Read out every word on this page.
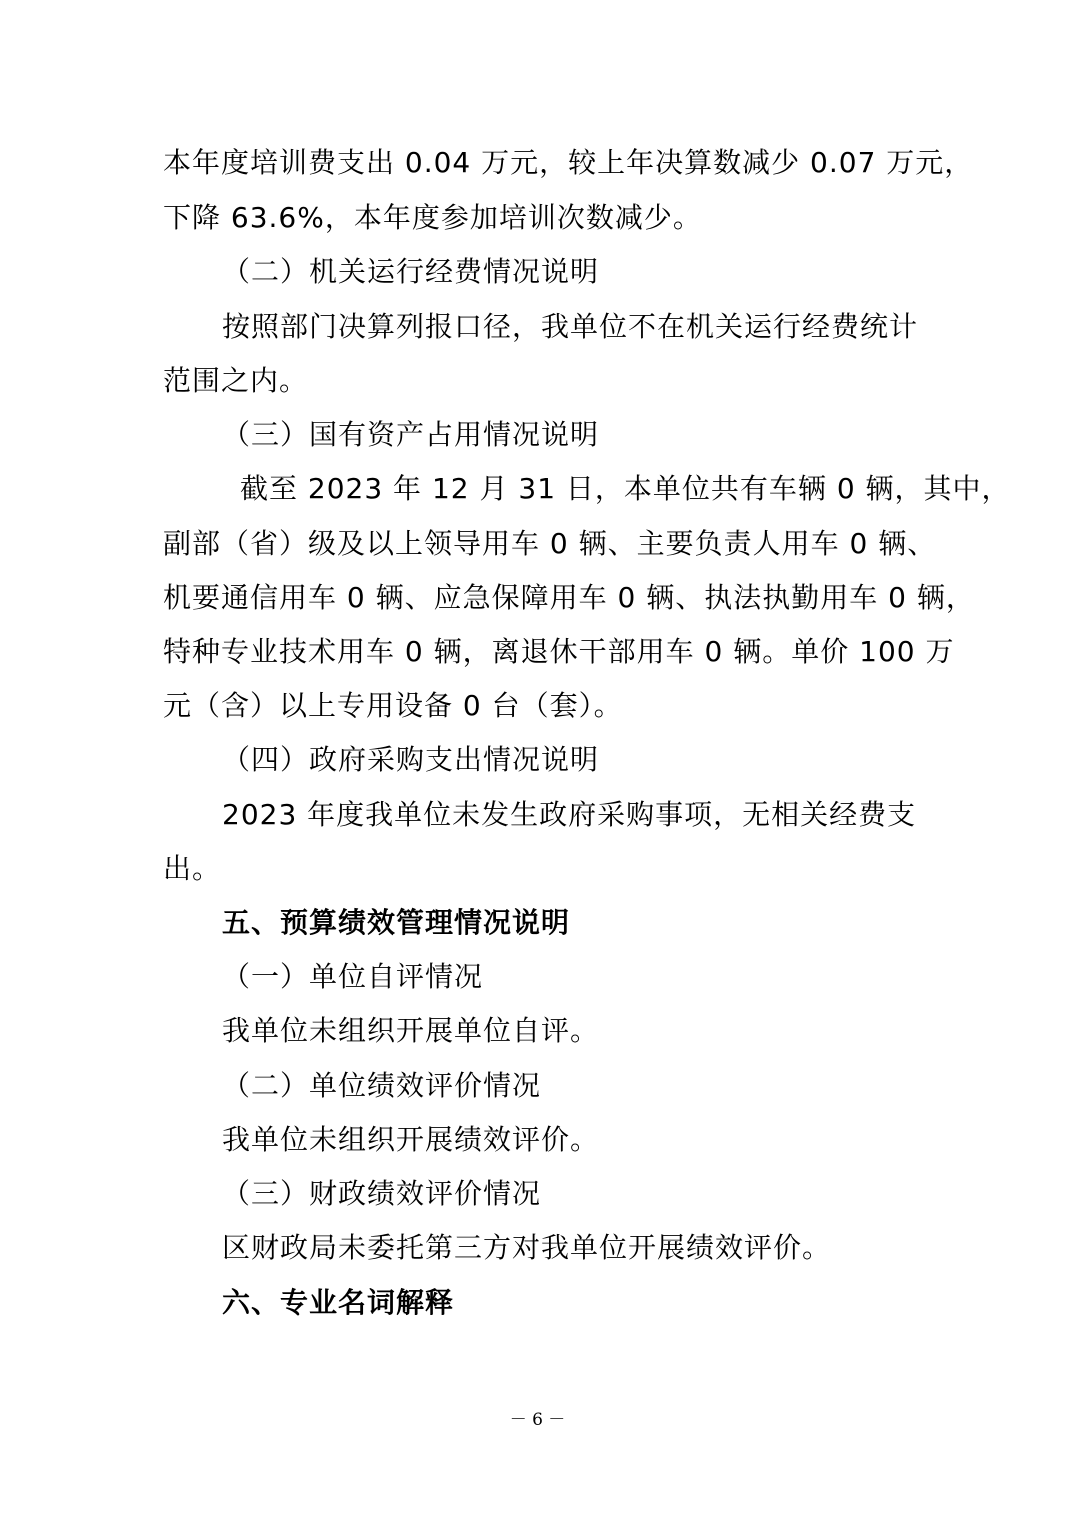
本年度培训费支出 0.04 万元，较上年决算数减少 0.07 万元，
下降 63.6%，本年度参加培训次数减少。
（二）机关运行经费情况说明
按照部门决算列报口径，我单位不在机关运行经费统计
范围之内。
（三）国有资产占用情况说明
截至 2023 年 12 月 31 日，本单位共有车辆 0 辆，其中，
副部（省）级及以上领导用车 0 辆、主要负责人用车 0 辆、
机要通信用车 0 辆、应急保障用车 0 辆、执法执勤用车 0 辆，
特种专业技术用车 0 辆，离退休干部用车 0 辆。单价 100 万
元（含）以上专用设备 0 台（套）。
（四）政府采购支出情况说明
2023 年度我单位未发生政府采购事项，无相关经费支
出。
五、预算绩效管理情况说明
（一）单位自评情况
我单位未组织开展单位自评。
（二）单位绩效评价情况
我单位未组织开展绩效评价。
（三）财政绩效评价情况
区财政局未委托第三方对我单位开展绩效评价。
六、专业名词解释
－ 6 －
